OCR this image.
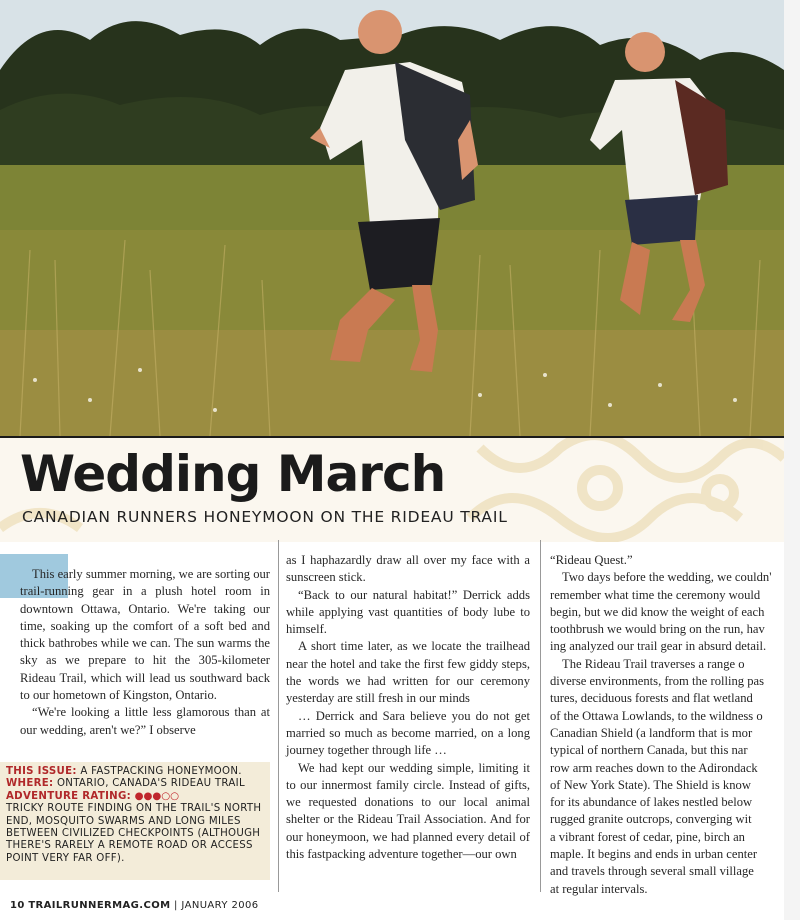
Wedding March

CANADIAN RUNNERS HONEYMOON ON THE RIDEAU TRAIL

This early summer morning, we are sorting our trail-running gear in a plush hotel room in downtown Ottawa, Ontario. We're taking our time, soaking up the comfort of a soft bed and thick bathrobes while we can. The sun warms the sky as we prepare to hit the 305-kilometer Rideau Trail, which will lead us southward back to our hometown of Kingston, Ontario.

“We're looking a little less glamorous than at our wedding, aren't we?” I observe

as I haphazardly draw all over my face with a sunscreen stick.

“Back to our natural habitat!” Derrick adds while applying vast quantities of body lube to himself.

A short time later, as we locate the trailhead near the hotel and take the first few giddy steps, the words we had written for our ceremony yesterday are still fresh in our minds

… Derrick and Sara believe you do not get married so much as become married, on a long journey together through life …

We had kept our wedding simple, limiting it to our innermost family circle. Instead of gifts, we requested donations to our local animal shelter or the Rideau Trail Association. And for our honeymoon, we had planned every detail of this fastpacking adventure together—our own

“Rideau Quest.”
Two days before the wedding, we couldn'
remember what time the ceremony would
begin, but we did know the weight of each
toothbrush we would bring on the run, hav
ing analyzed our trail gear in absurd detail.
The Rideau Trail traverses a range o
diverse environments, from the rolling pas
tures, deciduous forests and flat wetland
of the Ottawa Lowlands, to the wildness o
Canadian Shield (a landform that is mor
typical of northern Canada, but this nar
row arm reaches down to the Adirondack
of New York State). The Shield is know
for its abundance of lakes nestled below
rugged granite outcrops, converging wit
a vibrant forest of cedar, pine, birch an
maple. It begins and ends in urban center
and travels through several small village
at regular intervals.

THIS ISSUE: A FASTPACKING HONEYMOON.

WHERE: ONTARIO, CANADA'S RIDEAU TRAIL

ADVENTURE RATING: ●●●○○

TRICKY ROUTE FINDING ON THE TRAIL'S NORTH END, MOSQUITO SWARMS AND LONG MILES BETWEEN CIVILIZED CHECKPOINTS (ALTHOUGH THERE'S RARELY A REMOTE ROAD OR ACCESS POINT VERY FAR OFF).

10 TRAILRUNNERMAG.COM | JANUARY 2006
